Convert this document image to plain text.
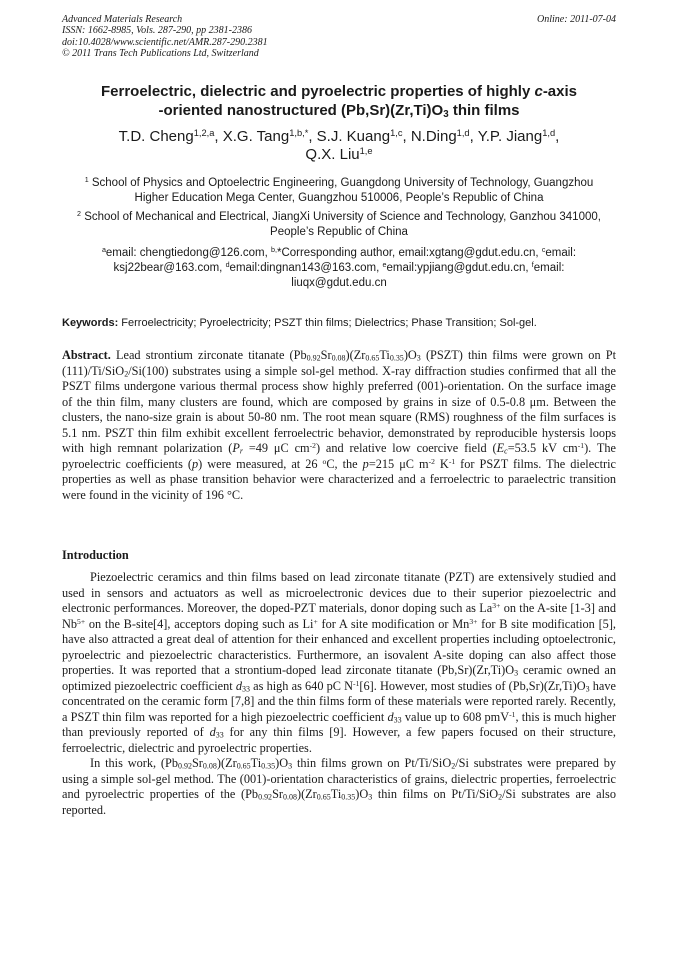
Advanced Materials Research
ISSN: 1662-8985, Vols. 287-290, pp 2381-2386
doi:10.4028/www.scientific.net/AMR.287-290.2381
© 2011 Trans Tech Publications Ltd, Switzerland
Online: 2011-07-04
Ferroelectric, dielectric and pyroelectric properties of highly c-axis
-oriented nanostructured $(Pb,Sr)(Zr,Ti)O_3$ thin films
T.D. Cheng$^{1,2,a}$, X.G. Tang$^{1,b,*}$, S.J. Kuang$^{1,c}$, N.Ding$^{1,d}$, Y.P. Jiang$^{1,d}$,
Q.X. Liu$^{1,e}$
$^1$ School of Physics and Optoelectric Engineering, Guangdong University of Technology, Guangzhou Higher Education Mega Center, Guangzhou 510006, People’s Republic of China
$^2$ School of Mechanical and Electrical, JiangXi University of Science and Technology, Ganzhou 341000, People’s Republic of China
$^a$email: chengtiedong@126.com, $^{b,}$*Corresponding author, email:xgtang@gdut.edu.cn, $^c$email: ksj22bear@163.com, $^d$email:dingnan143@163.com, $^e$email:ypjiang@gdut.edu.cn, $^f$email: liuqx@gdut.edu.cn
Keywords: Ferroelectricity; Pyroelectricity; PSZT thin films; Dielectrics; Phase Transition; Sol-gel.
Abstract. Lead strontium zirconate titanate $(Pb_{0.92}Sr_{0.08})(Zr_{0.65}Ti_{0.35})O_3$ (PSZT) thin films were grown on Pt (111)/Ti/SiO$_2$/Si(100) substrates using a simple sol-gel method. X-ray diffraction studies confirmed that all the PSZT films undergone various thermal process show highly preferred (001)-orientation. On the surface image of the thin film, many clusters are found, which are composed by grains in size of 0.5-0.8 μm. Between the clusters, the nano-size grain is about 50-80 nm. The root mean square (RMS) roughness of the film surfaces is 5.1 nm. PSZT thin film exhibit excellent ferroelectric behavior, demonstrated by reproducible hystersis loops with high remnant polarization ($P_r =49$ μC $cm^{-2}$) and relative low coercive field ($E_c=53.5$ kV $cm^{-1}$). The pyroelectric coefficients (p) were measured, at 26 $^o$C, the p=215 μC $m^{-2}$ $K^{-1}$ for PSZT films. The dielectric properties as well as phase transition behavior were characterized and a ferroelectric to paraelectric transition were found in the vicinity of 196 °C.
Introduction

Piezoelectric ceramics and thin films based on lead zirconate titanate (PZT) are extensively studied and used in sensors and actuators as well as microelectronic devices due to their superior piezoelectric and electronic performances. Moreover, the doped-PZT materials, donor doping such as $La^{3+}$ on the A-site [1-3] and $Nb^{5+}$ on the B-site[4], acceptors doping such as Li+ for A site modification or $Mn^{3+}$ for B site modification [5], have also attracted a great deal of attention for their enhanced and excellent properties including optoelectronic, pyroelectric and piezoelectric characteristics. Furthermore, an isovalent A-site doping can also affect those properties. It was reported that a strontium-doped lead zirconate titanate $(Pb,Sr)(Zr,Ti)O_3$ ceramic owned an optimized piezoelectric coefficient $d_{33}$ as high as 640 pC $N^{-1}[6]$. However, most studies of $(Pb,Sr)(Zr,Ti)O_3$ have concentrated on the ceramic form [7,8] and the thin films form of these materials were reported rarely. Recently, a PSZT thin film was reported for a high piezoelectric coefficient $d_{33}$ value up to 608 pmV$^{-1}$, this is much higher than previously reported of $d_{33}$ for any thin films [9]. However, a few papers focused on their structure, ferroelectric, dielectric and pyroelectric properties.

In this work, $(Pb_{0.92}Sr_{0.08})(Zr_{0.65}Ti_{0.35})O_3$ thin films grown on Pt/Ti/SiO$_2$/Si substrates were prepared by using a simple sol-gel method. The (001)-orientation characteristics of grains, dielectric properties, ferroelectric and pyroelectric properties of the $(Pb_{0.92}Sr_{0.08})(Zr_{0.65}Ti_{0.35})O_3$ thin films on Pt/Ti/SiO$_2$/Si substrates are also reported.
